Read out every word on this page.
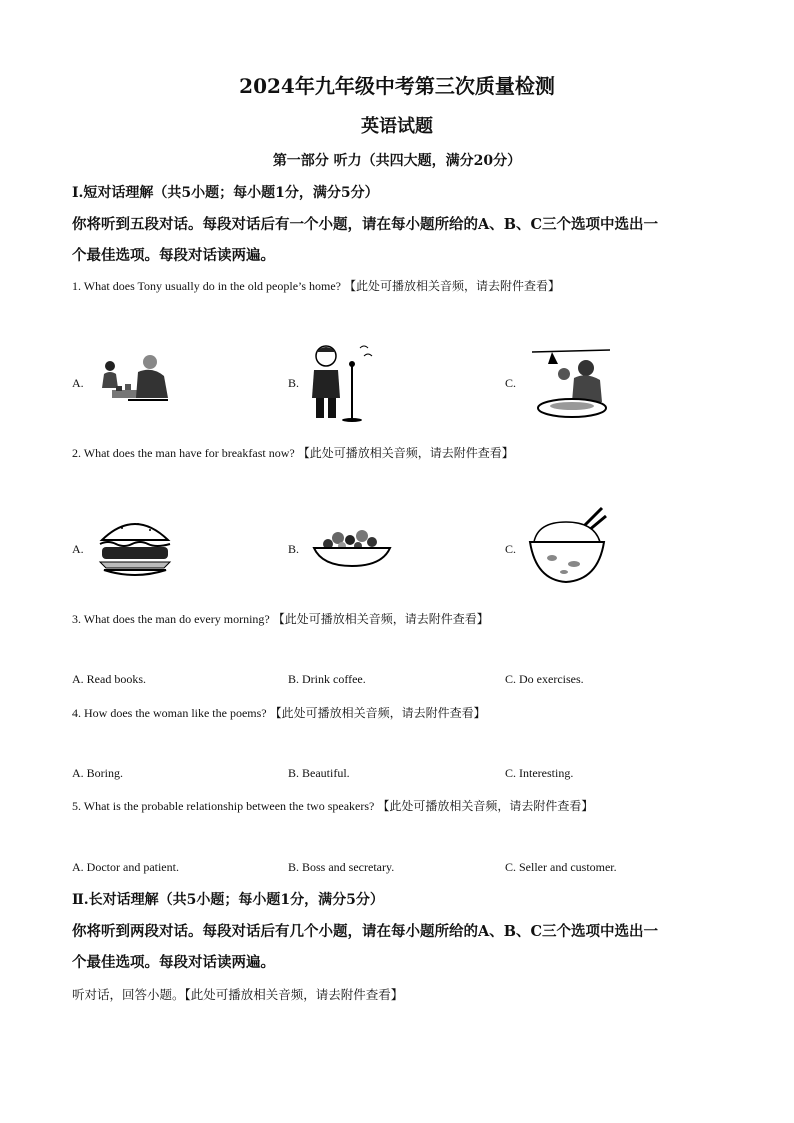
2024年九年级中考第三次质量检测
英语试题
第一部分 听力（共四大题，满分20分）
Ⅰ.短对话理解（共5小题；每小题1分，满分5分）
你将听到五段对话。每段对话后有一个小题，请在每小题所给的A、B、C三个选项中选出一
个最佳选项。每段对话读两遍。
1. What does Tony usually do in the old people’s home? 【此处可播放相关音频，请去附件查看】
A.	B.	C.
2. What does the man have for breakfast now? 【此处可播放相关音频，请去附件查看】
A.	B.	C.
3. What does the man do every morning? 【此处可播放相关音频，请去附件查看】
A. Read books.	B. Drink coffee.	C. Do exercises.
4. How does the woman like the poems? 【此处可播放相关音频，请去附件查看】
A. Boring.	B. Beautiful.	C. Interesting.
5. What is the probable relationship between the two speakers? 【此处可播放相关音频，请去附件查看】
A. Doctor and patient.	B. Boss and secretary.	C. Seller and customer.
Ⅱ.长对话理解（共5小题；每小题1分，满分5分）
你将听到两段对话。每段对话后有几个小题，请在每小题所给的A、B、C三个选项中选出一
个最佳选项。每段对话读两遍。
听对话，回答小题。【此处可播放相关音频，请去附件查看】
